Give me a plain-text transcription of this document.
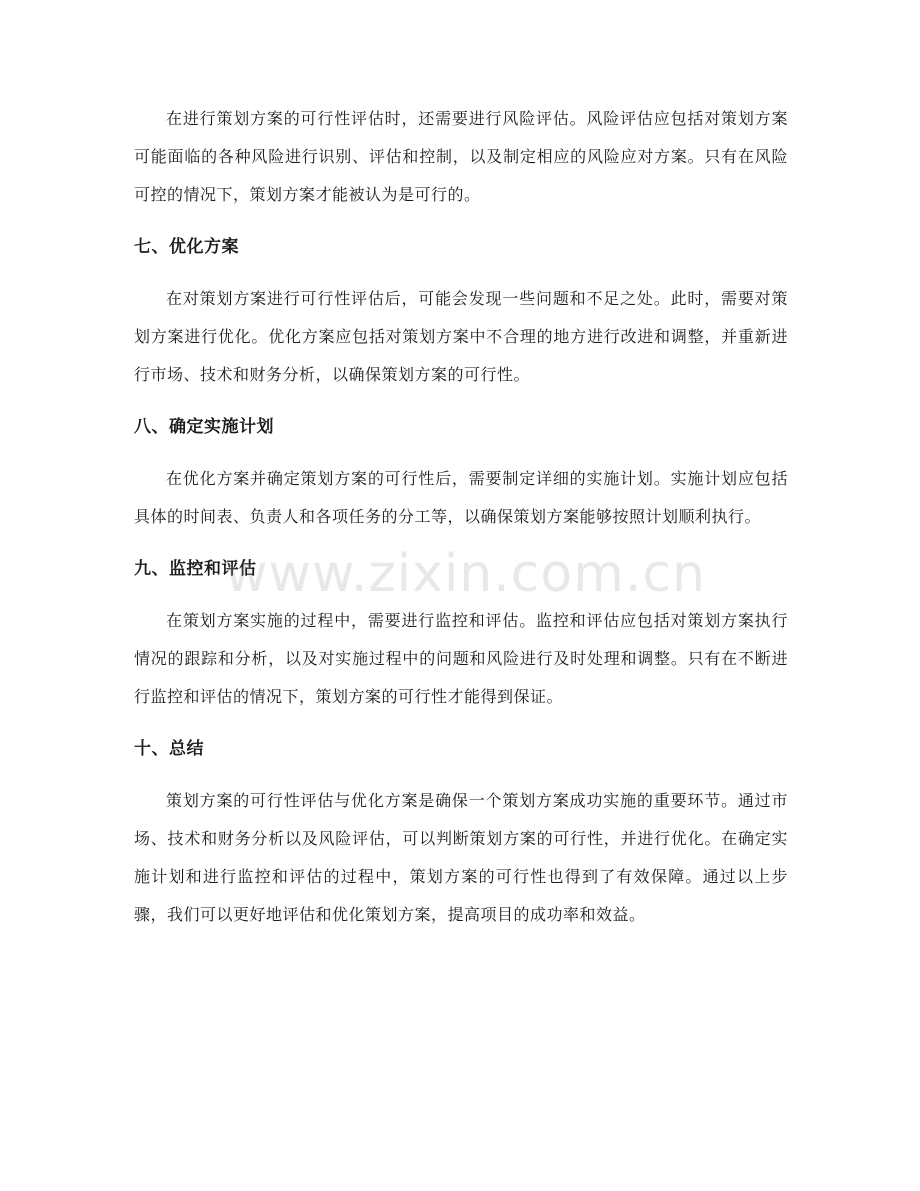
在进行策划方案的可行性评估时，还需要进行风险评估。风险评估应包括对策划方案可能面临的各种风险进行识别、评估和控制，以及制定相应的风险应对方案。只有在风险可控的情况下，策划方案才能被认为是可行的。

七、优化方案

在对策划方案进行可行性评估后，可能会发现一些问题和不足之处。此时，需要对策划方案进行优化。优化方案应包括对策划方案中不合理的地方进行改进和调整，并重新进行市场、技术和财务分析，以确保策划方案的可行性。

八、确定实施计划

在优化方案并确定策划方案的可行性后，需要制定详细的实施计划。实施计划应包括具体的时间表、负责人和各项任务的分工等，以确保策划方案能够按照计划顺利执行。

九、监控和评估

在策划方案实施的过程中，需要进行监控和评估。监控和评估应包括对策划方案执行情况的跟踪和分析，以及对实施过程中的问题和风险进行及时处理和调整。只有在不断进行监控和评估的情况下，策划方案的可行性才能得到保证。

十、总结

策划方案的可行性评估与优化方案是确保一个策划方案成功实施的重要环节。通过市场、技术和财务分析以及风险评估，可以判断策划方案的可行性，并进行优化。在确定实施计划和进行监控和评估的过程中，策划方案的可行性也得到了有效保障。通过以上步骤，我们可以更好地评估和优化策划方案，提高项目的成功率和效益。

www.zixin.com.cn
